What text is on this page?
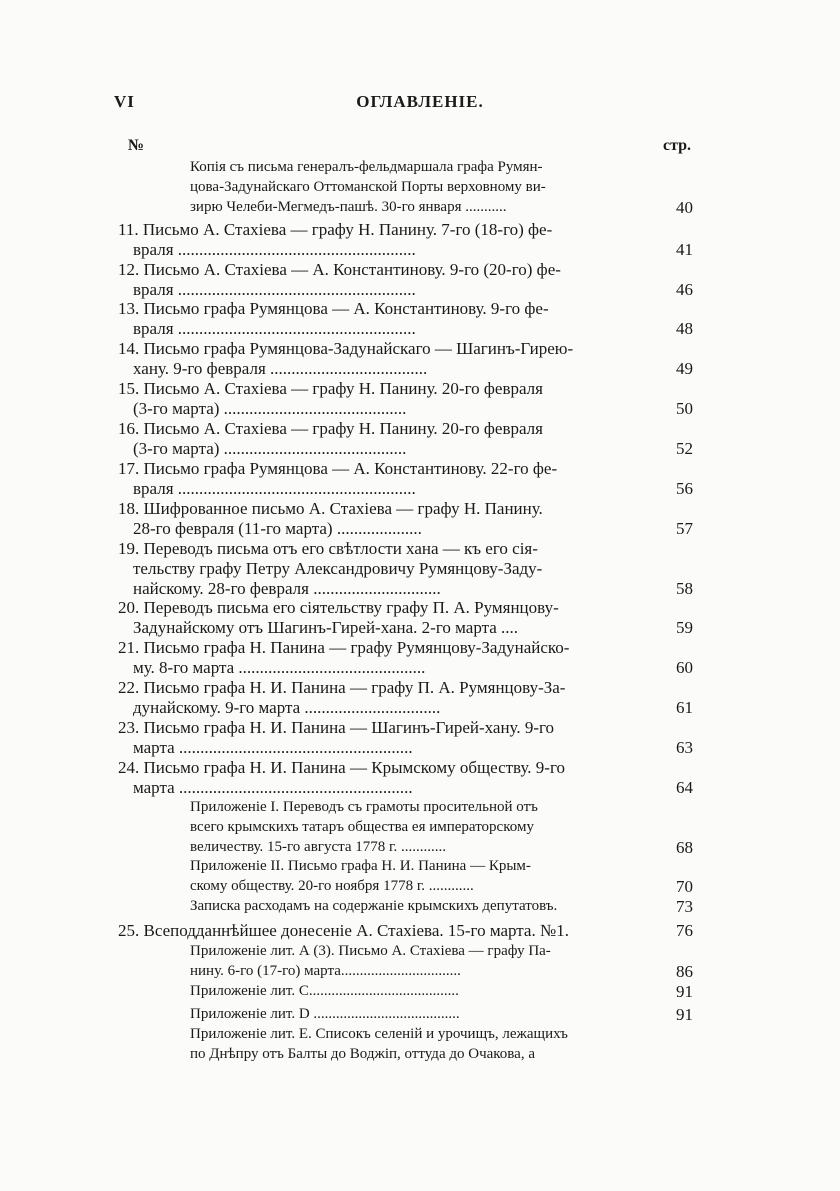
VI	ОГЛАВЛЕНІЕ.
№	стр.
Копія съ письма генералъ-фельдмаршала графа Румян-
цова-Задунайскаго Оттоманской Порты верховному ви-
зирю Челеби-Мегмедъ-пашѣ. 30-го января ...........	40
11. Письмо А. Стахіева — графу Н. Панину. 7-го (18-го) фе-
враля ........................................................	41
12. Письмо А. Стахіева — А. Константинову. 9-го (20-го) фе-
враля ........................................................	46
13. Письмо графа Румянцова — А. Константинову. 9-го фе-
враля ........................................................	48
14. Письмо графа Румянцова-Задунайскаго — Шагинъ-Гирею-
хану. 9-го февраля .....................................	49
15. Письмо А. Стахіева — графу Н. Панину. 20-го февраля
(3-го марта) ...........................................	50
16. Письмо А. Стахіева — графу Н. Панину. 20-го февраля
(3-го марта) ...........................................	52
17. Письмо графа Румянцова — А. Константинову. 22-го фе-
враля ........................................................	56
18. Шифрованное письмо А. Стахіева — графу Н. Панину.
28-го февраля (11-го марта) ....................	57
19. Переводъ письма отъ его свѣтлости хана — къ его сія-
тельству графу Петру Александровичу Румянцову-Заду-
найскому. 28-го февраля ..............................	58
20. Переводъ письма его сіятельству графу П. А. Румянцову-
Задунайскому отъ Шагинъ-Гирей-хана. 2-го марта ....	59
21. Письмо графа Н. Панина — графу Румянцову-Задунайско-
му. 8-го марта ............................................	60
22. Письмо графа Н. И. Панина — графу П. А. Румянцову-За-
дунайскому. 9-го марта ................................	61
23. Письмо графа Н. И. Панина — Шагинъ-Гирей-хану. 9-го
марта .......................................................	63
24. Письмо графа Н. И. Панина — Крымскому обществу. 9-го
марта .......................................................	64
Приложеніе I. Переводъ съ грамоты просительной отъ
всего крымскихъ татаръ общества ея императорскому
величеству. 15-го августа 1778 г. ............	68
Приложеніе II. Письмо графа Н. И. Панина — Крым-
скому обществу. 20-го ноября 1778 г. ............	70
Записка расходамъ на содержаніе крымскихъ депутатовъ.	73
25. Всеподданнѣйшее донесеніе А. Стахіева. 15-го марта. №1.	76
Приложеніе лит. А (3). Письмо А. Стахіева — графу Па-
нину. 6-го (17-го) марта................................	86
Приложеніе лит. С........................................	91
Приложеніе лит. D .......................................	91
Приложеніе лит. Е. Списокъ селеній и урочищъ, лежащихъ
по Днѣпру отъ Балты до Воджіп, оттуда до Очакова, а
